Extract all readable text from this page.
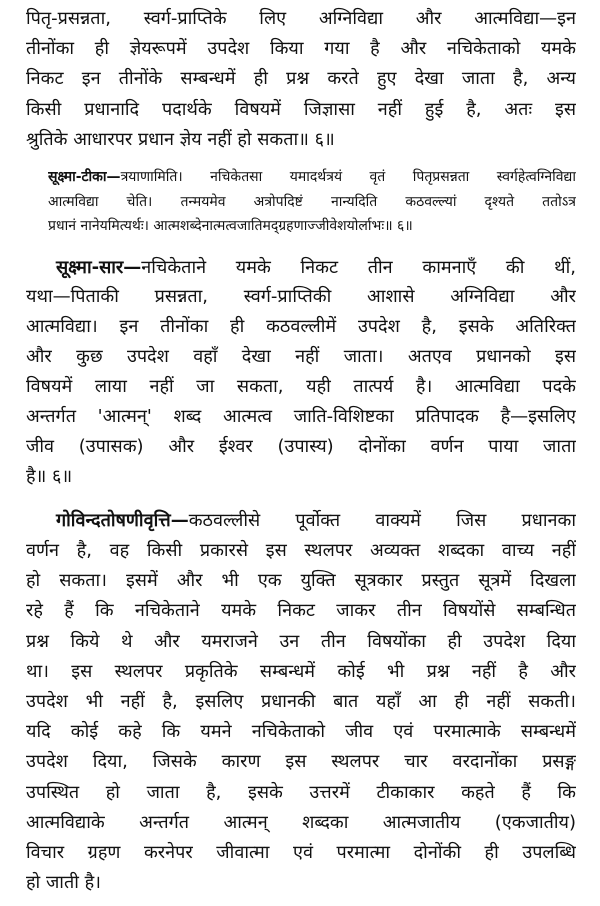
पितृ-प्रसन्नता, स्वर्ग-प्राप्तिके लिए अग्निविद्या और आत्मविद्या—इन
तीनोंका ही ज्ञेयरूपमें उपदेश किया गया है और नचिकेताको यमके
निकट इन तीनोंके सम्बन्धमें ही प्रश्न करते हुए देखा जाता है, अन्य
किसी प्रधानादि पदार्थके विषयमें जिज्ञासा नहीं हुई है, अतः इस
श्रुतिके आधारपर प्रधान ज्ञेय नहीं हो सकता॥ ६॥
सूक्ष्मा-टीका—त्रयाणामिति। नचिकेतसा यमादर्थत्रयं वृतं पितृप्रसन्नता स्वर्गहेत्वग्निविद्या
आत्मविद्या चेति। तन्मयमेव अत्रोपदिष्टं नान्यदिति कठवल्ल्यां दृश्यते ततोऽत्र
प्रधानं नानेयमित्यर्थः। आत्मशब्देनात्मत्वजातिमद्ग्रहणाज्जीवेशयोर्लाभः॥ ६॥
सूक्ष्मा-सार—नचिकेताने यमके निकट तीन कामनाएँ की थीं,
यथा—पिताकी प्रसन्नता, स्वर्ग-प्राप्तिकी आशासे अग्निविद्या और
आत्मविद्या। इन तीनोंका ही कठवल्लीमें उपदेश है, इसके अतिरिक्त
और कुछ उपदेश वहाँ देखा नहीं जाता। अतएव प्रधानको इस
विषयमें लाया नहीं जा सकता, यही तात्पर्य है। आत्मविद्या पदके
अन्तर्गत 'आत्मन्' शब्द आत्मत्व जाति-विशिष्टका प्रतिपादक है—इसलिए
जीव (उपासक) और ईश्वर (उपास्य) दोनोंका वर्णन पाया जाता
है॥ ६॥
गोविन्दतोषणीवृत्ति—कठवल्लीसे पूर्वोक्त वाक्यमें जिस प्रधानका
वर्णन है, वह किसी प्रकारसे इस स्थलपर अव्यक्त शब्दका वाच्य नहीं
हो सकता। इसमें और भी एक युक्ति सूत्रकार प्रस्तुत सूत्रमें दिखला
रहे हैं कि नचिकेताने यमके निकट जाकर तीन विषयोंसे सम्बन्धित
प्रश्न किये थे और यमराजने उन तीन विषयोंका ही उपदेश दिया
था। इस स्थलपर प्रकृतिके सम्बन्धमें कोई भी प्रश्न नहीं है और
उपदेश भी नहीं है, इसलिए प्रधानकी बात यहाँ आ ही नहीं सकती।
यदि कोई कहे कि यमने नचिकेताको जीव एवं परमात्माके सम्बन्धमें
उपदेश दिया, जिसके कारण इस स्थलपर चार वरदानोंका प्रसङ्ग
उपस्थित हो जाता है, इसके उत्तरमें टीकाकार कहते हैं कि
आत्मविद्याके अन्तर्गत आत्मन् शब्दका आत्मजातीय (एकजातीय)
विचार ग्रहण करनेपर जीवात्मा एवं परमात्मा दोनोंकी ही उपलब्धि
हो जाती है।
